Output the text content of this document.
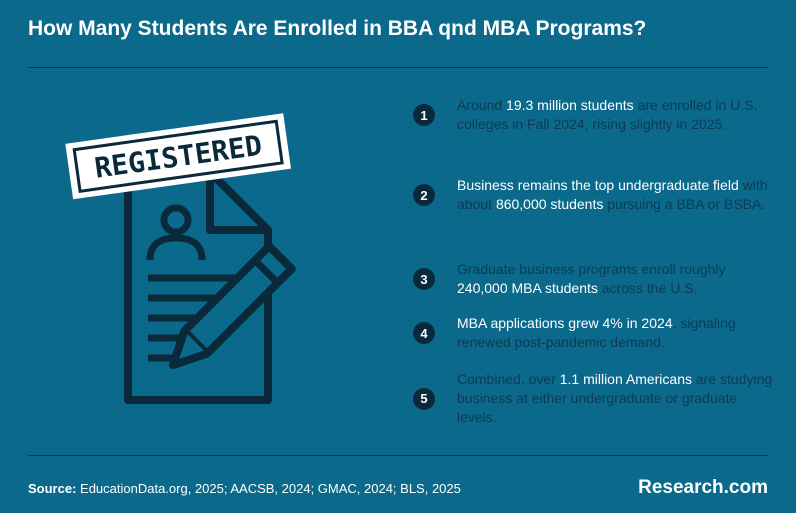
How Many Students Are Enrolled in BBA qnd MBA Programs?
REGISTERED
1
Around 19.3 million students are enrolled in U.S. colleges in Fall 2024, rising slightly in 2025.
2
Business remains the top undergraduate field with about 860,000 students pursuing a BBA or BSBA.
3
Graduate business programs enroll roughly 240,000 MBA students across the U.S.
4
MBA applications grew 4% in 2024, signaling renewed post-pandemic demand.
5
Combined, over 1.1 million Americans are studying business at either undergraduate or graduate levels.
Source: EducationData.org, 2025; AACSB, 2024; GMAC, 2024; BLS, 2025	Research.com
